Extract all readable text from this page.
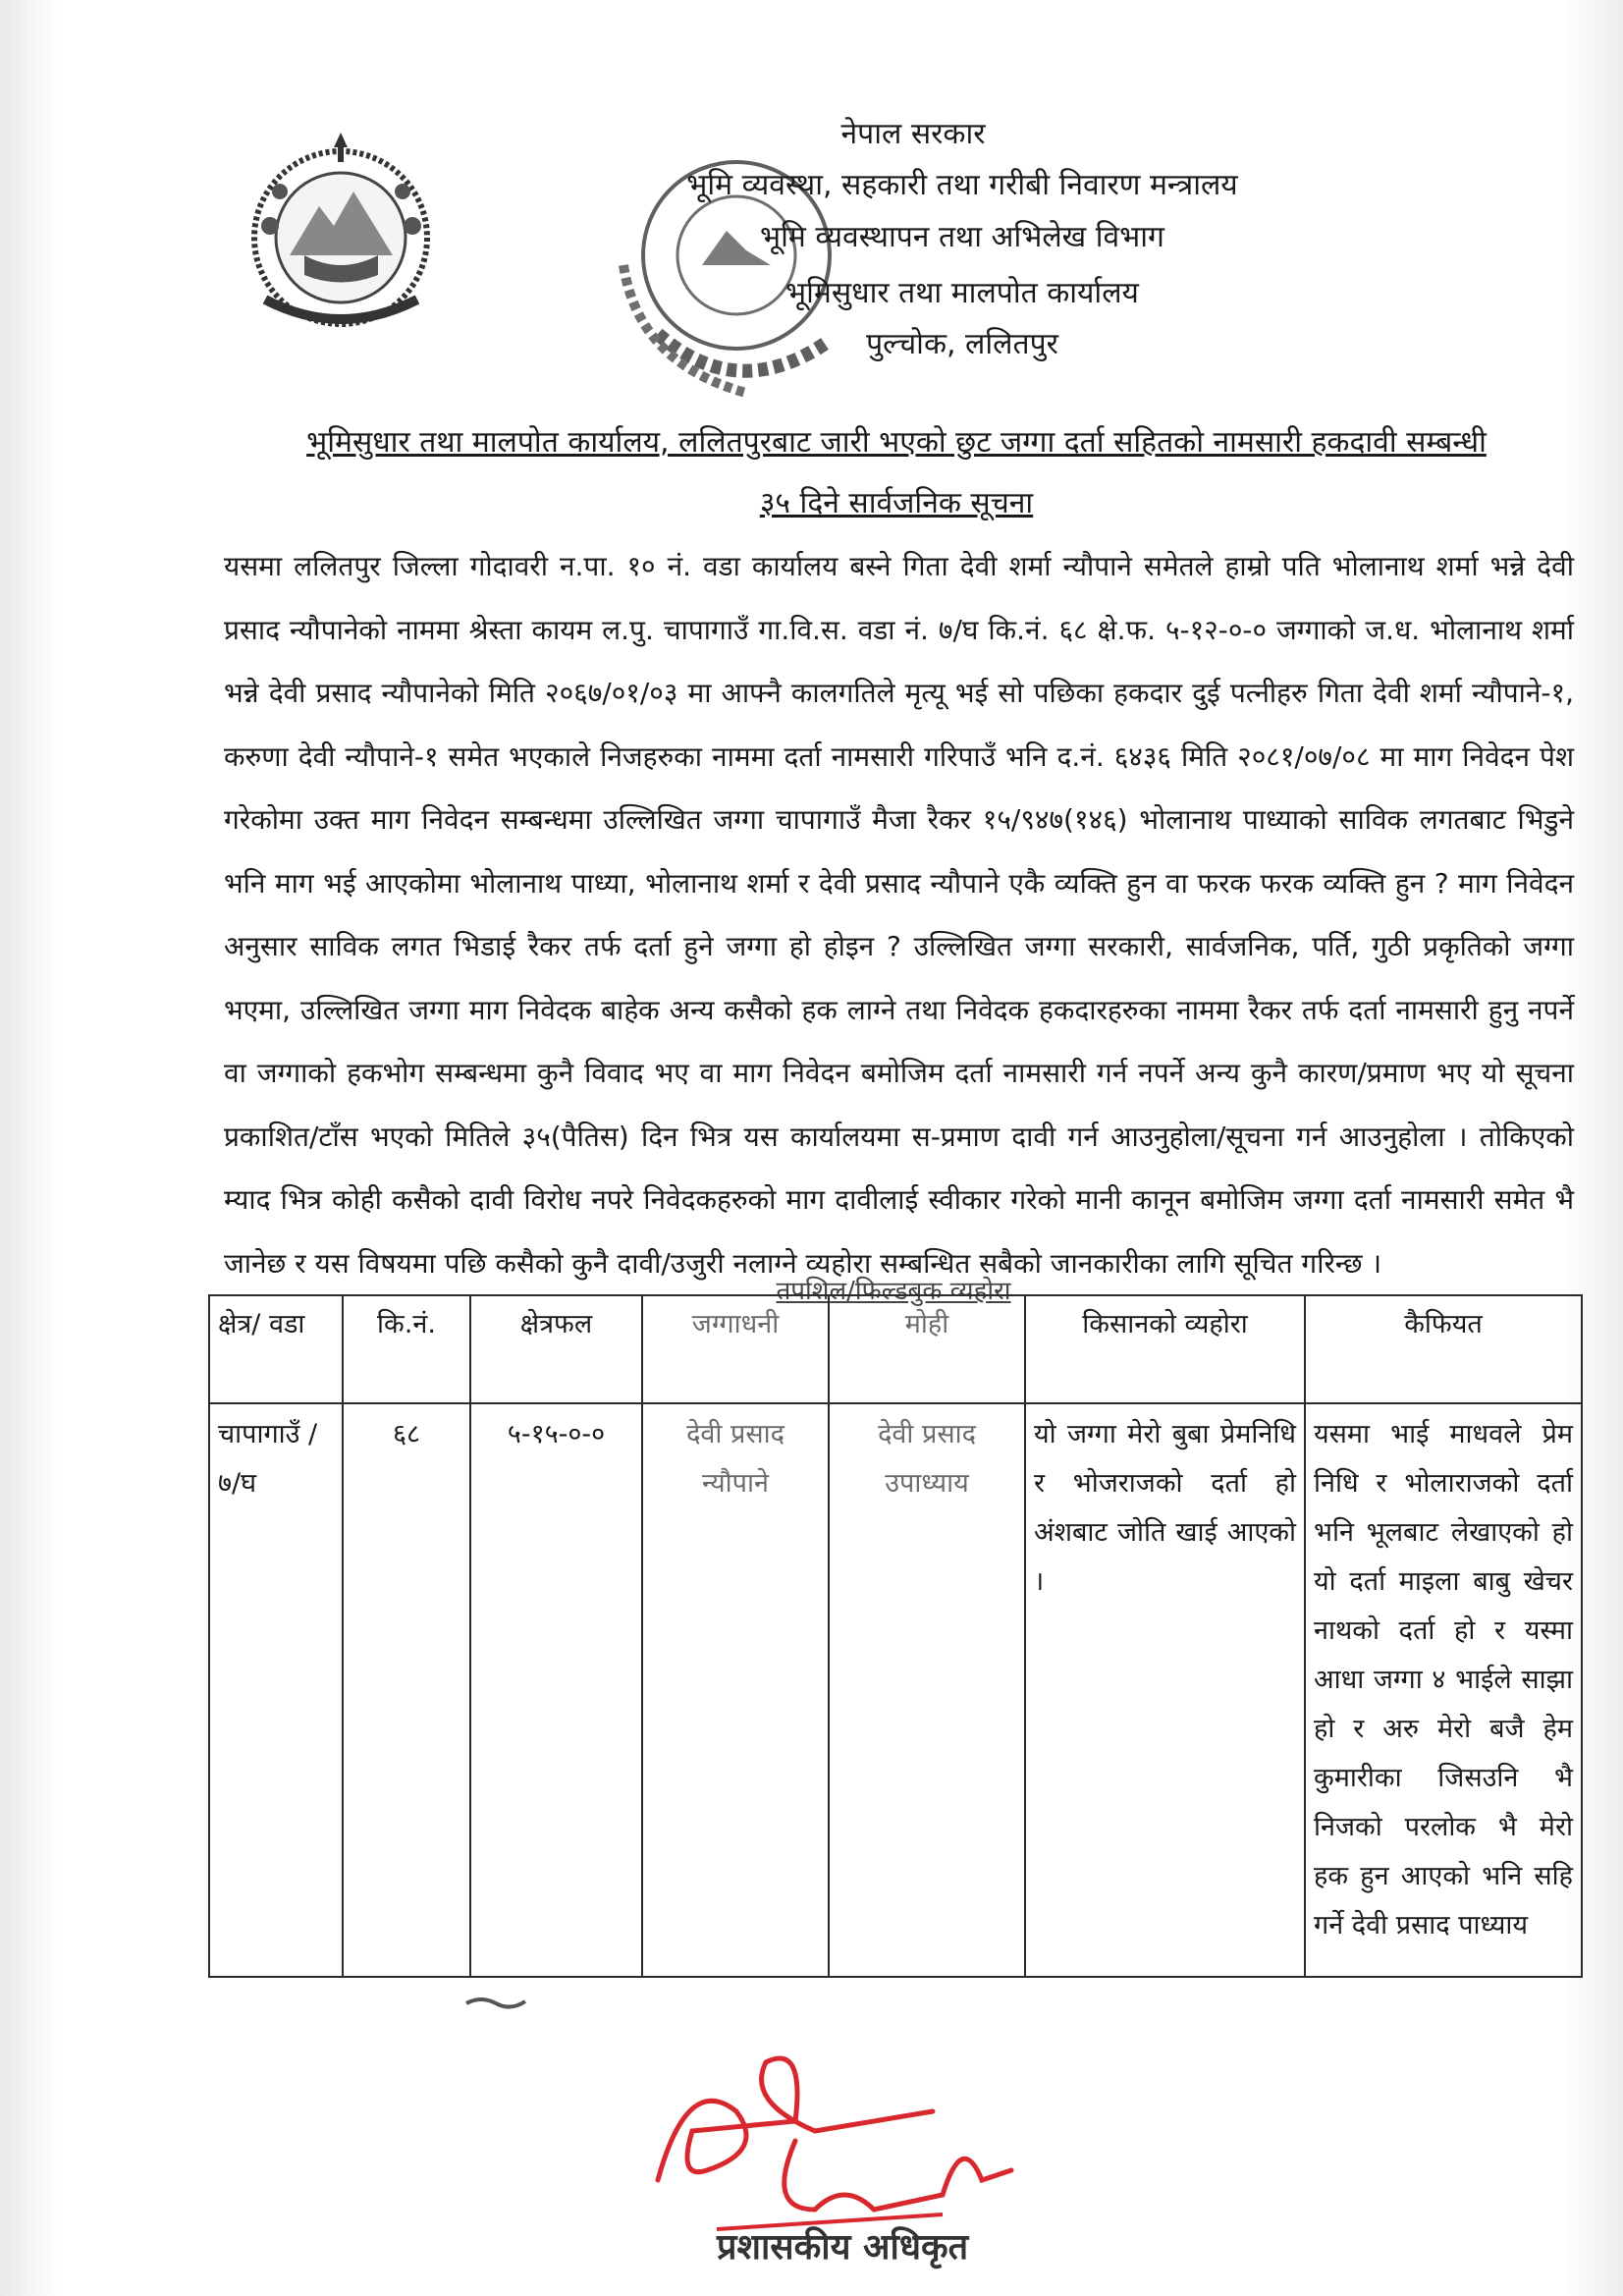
नेपाल सरकार
भूमि व्यवस्था, सहकारी तथा गरीबी निवारण मन्त्रालय
भूमि व्यवस्थापन तथा अभिलेख विभाग
भूमिसुधार तथा मालपोत कार्यालय
पुल्चोक, ललितपुर
भूमिसुधार तथा मालपोत कार्यालय, ललितपुरबाट जारी भएको छुट जग्गा दर्ता सहितको नामसारी हकदावी सम्बन्धी
३५ दिने सार्वजनिक सूचना
यसमा ललितपुर जिल्ला गोदावरी न.पा. १० नं. वडा कार्यालय बस्ने गिता देवी शर्मा न्यौपाने समेतले हाम्रो पति भोलानाथ शर्मा भन्ने देवी प्रसाद न्यौपानेको नाममा श्रेस्ता कायम ल.पु. चापागाउँ गा.वि.स. वडा नं. ७/घ कि.नं. ६८ क्षे.फ. ५-१२-०-० जग्गाको ज.ध. भोलानाथ शर्मा भन्ने देवी प्रसाद न्यौपानेको मिति २०६७/०१/०३ मा आफ्नै कालगतिले मृत्यू भई सो पछिका हकदार दुई पत्नीहरु गिता देवी शर्मा न्यौपाने-१, करुणा देवी न्यौपाने-१ समेत भएकाले निजहरुका नाममा दर्ता नामसारी गरिपाउँ भनि द.नं. ६४३६ मिति २०८१/०७/०८ मा माग निवेदन पेश गरेकोमा उक्त माग निवेदन सम्बन्धमा उल्लिखित जग्गा चापागाउँ मैजा रैकर १५/९४७(१४६) भोलानाथ पाध्याको साविक लगतबाट भिडुने भनि माग भई आएकोमा भोलानाथ पाध्या, भोलानाथ शर्मा र देवी प्रसाद न्यौपाने एकै व्यक्ति हुन वा फरक फरक व्यक्ति हुन ? माग निवेदन अनुसार साविक लगत भिडाई रैकर तर्फ दर्ता हुने जग्गा हो होइन ? उल्लिखित जग्गा सरकारी, सार्वजनिक, पर्ति, गुठी प्रकृतिको जग्गा भएमा, उल्लिखित जग्गा माग निवेदक बाहेक अन्य कसैको हक लाग्ने तथा निवेदक हकदारहरुका नाममा रैकर तर्फ दर्ता नामसारी हुनु नपर्ने वा जग्गाको हकभोग सम्बन्धमा कुनै विवाद भए वा माग निवेदन बमोजिम दर्ता नामसारी गर्न नपर्ने अन्य कुनै कारण/प्रमाण भए यो सूचना प्रकाशित/टाँस भएको मितिले ३५(पैतिस) दिन भित्र यस कार्यालयमा स-प्रमाण दावी गर्न आउनुहोला/सूचना गर्न आउनुहोला । तोकिएको म्याद भित्र कोही कसैको दावी विरोध नपरे निवेदकहरुको माग दावीलाई स्वीकार गरेको मानी कानून बमोजिम जग्गा दर्ता नामसारी समेत भै जानेछ र यस विषयमा पछि कसैको कुनै दावी/उजुरी नलाग्ने व्यहोरा सम्बन्धित सबैको जानकारीका लागि सूचित गरिन्छ ।
तपशिल/फिल्डबुक व्यहोरा
क्षेत्र/ वडा	कि.नं.	क्षेत्रफल	जग्गाधनी	मोही	किसानको व्यहोरा	कैफियत
चापागाउँ /७/घ	६८	५-१५-०-०	देवी प्रसाद न्यौपाने	देवी प्रसाद उपाध्याय	यो जग्गा मेरो बुबा प्रेमनिधि र भोजराजको दर्ता हो अंशबाट जोति खाई आएको ।	यसमा भाई माधवले प्रेम निधि र भोलाराजको दर्ता भनि भूलबाट लेखाएको हो यो दर्ता माइला बाबु खेचर नाथको दर्ता हो र यस्मा आधा जग्गा ४ भाईले साझा हो र अरु मेरो बजै हेम कुमारीका जिसउनि भै निजको परलोक भै मेरो हक हुन आएको भनि सहि गर्ने देवी प्रसाद पाध्याय
प्रशासकीय अधिकृत
